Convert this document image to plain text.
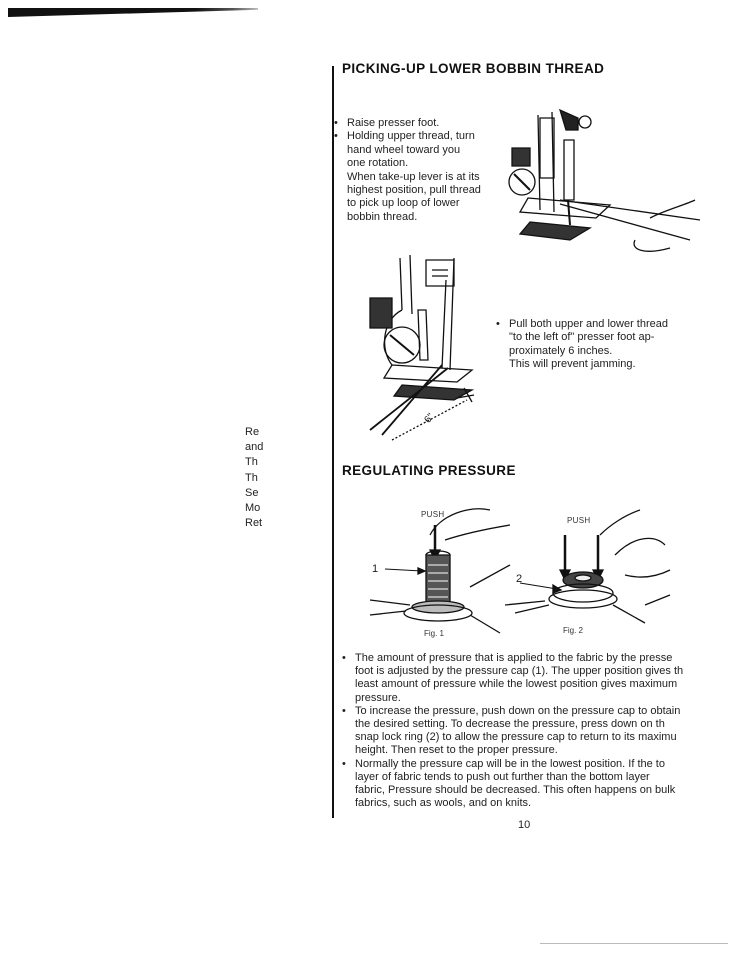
Re
and
Th
Th
Se
Mo
Ret
PICKING-UP LOWER BOBBIN THREAD
• Raise presser foot.
• Holding upper thread, turn
hand wheel toward you
one rotation.
When take-up lever is at its
highest position, pull thread
to pick up loop of lower
bobbin thread.
6"
• Pull both upper and lower thread
"to the left of" presser foot ap-
proximately 6 inches.
This will prevent jamming.
REGULATING PRESSURE
PUSH
1
Fig. 1
PUSH
2
Fig. 2
• The amount of pressure that is applied to the fabric by the presse
foot is adjusted by the pressure cap (1). The upper position gives th
least amount of pressure while the lowest position gives maximum
pressure.
• To increase the pressure, push down on the pressure cap to obtain
the desired setting. To decrease the pressure, press down on th
snap lock ring (2) to allow the pressure cap to return to its maximu
height. Then reset to the proper pressure.
• Normally the pressure cap will be in the lowest position. If the to
layer of fabric tends to push out further than the bottom layer
fabric, Pressure should be decreased. This often happens on bulk
fabrics, such as wools, and on knits.
10
